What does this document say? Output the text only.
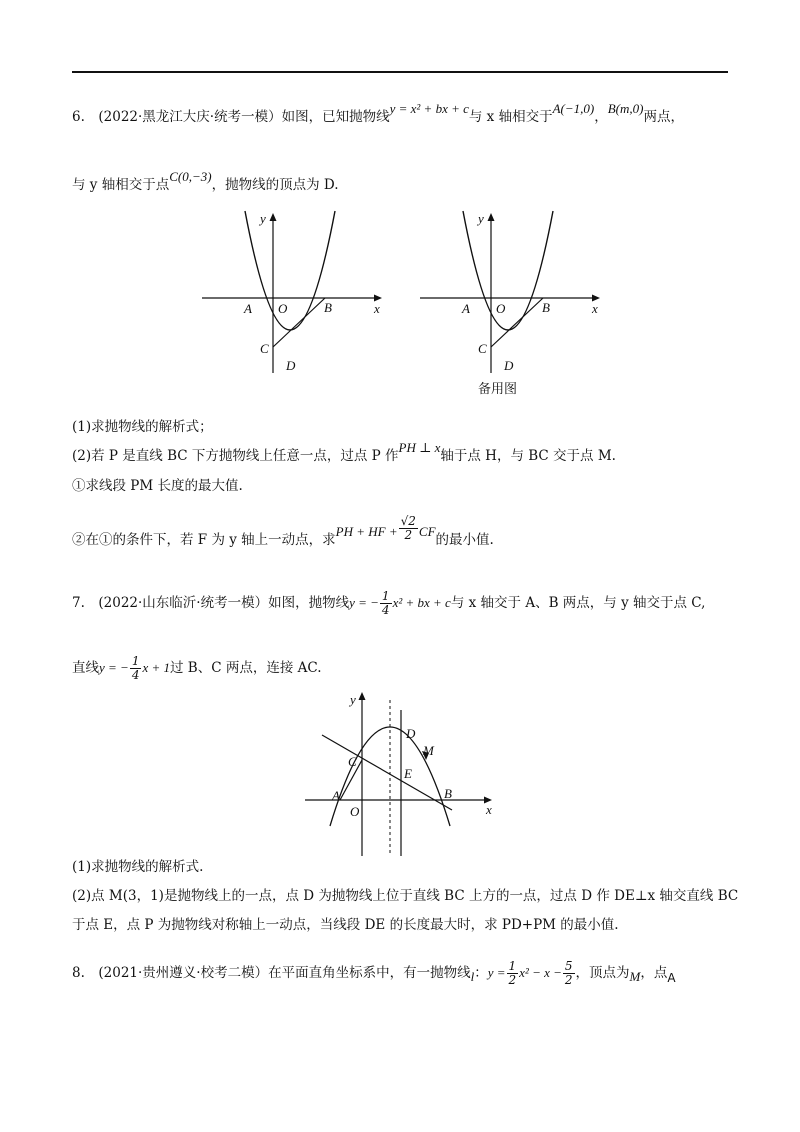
6.　(2022·黑龙江大庆·统考一模）如图，已知抛物线y = x² + bx + c与 x 轴相交于A(−1,0)，B(m,0)两点，
与 y 轴相交于点C(0,−3)，抛物线的顶点为 D.
y
x
A O	B
C
D
y
x
A O	B
C
D
备用图
(1)求抛物线的解析式；
(2)若 P 是直线 BC 下方抛物线上任意一点，过点 P 作PH ⊥ x轴于点 H，与 BC 交于点 M.
①求线段 PM 长度的最大值.
②在①的条件下，若 F 为 y 轴上一动点，求PH + HF + $\frac{√2}{2}$ CF的最小值.
7.　(2022·山东临沂·统考一模）如图，抛物线y = − $\frac{1}{4} x^2$ + bx + c与 x 轴交于 A、B 两点，与 y 轴交于点 C,
直线y = − $\frac{1}{4}$ x + 1过 B、C 两点，连接 AC.
y
x
A
O
B
C
D
E
M
(1)求抛物线的解析式.
(2)点 M(3，1)是抛物线上的一点，点 D 为抛物线上位于直线 BC 上方的一点，过点 D 作 DE⊥x 轴交直线 BC
于点 E，点 P 为抛物线对称轴上一动点，当线段 DE 的长度最大时，求 PD+PM 的最小值.
8.　(2021·贵州遵义·校考二模）在平面直角坐标系中，有一抛物线l：$y = \frac{1}{2} x^2 - x - \frac{5}{2}$ ，顶点为M，点A
